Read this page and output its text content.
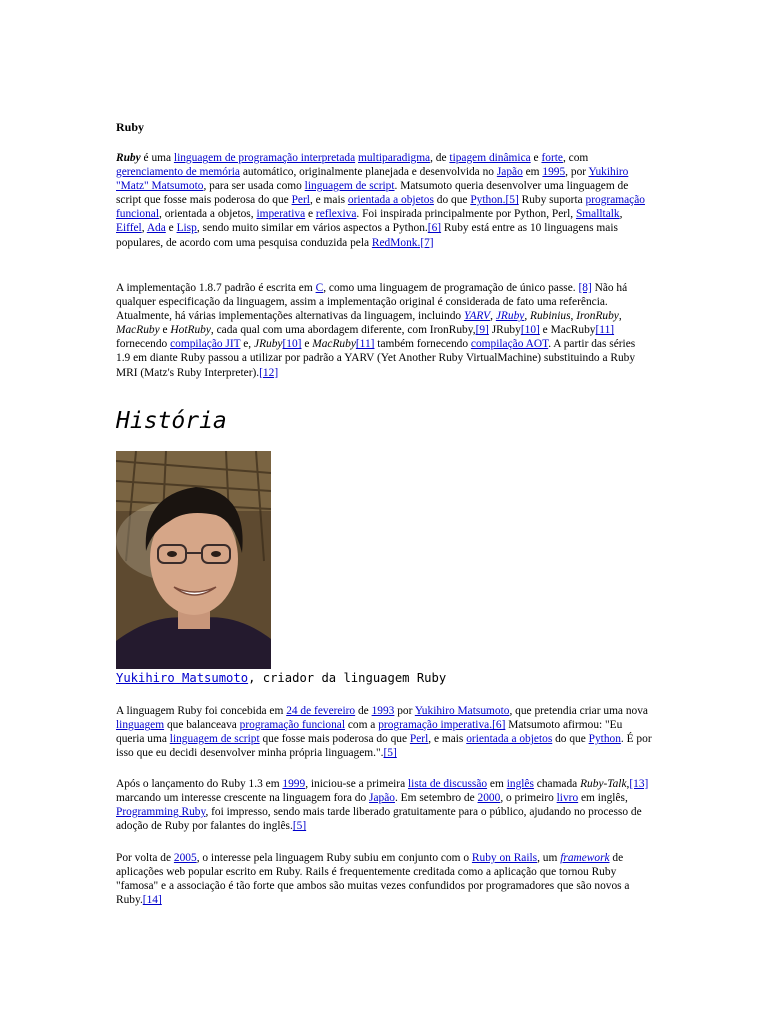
Ruby

Ruby é uma linguagem de programação interpretada multiparadigma, de tipagem dinâmica e forte, com gerenciamento de memória automático, originalmente planejada e desenvolvida no Japão em 1995, por Yukihiro "Matz" Matsumoto, para ser usada como linguagem de script. Matsumoto queria desenvolver uma linguagem de script que fosse mais poderosa do que Perl, e mais orientada a objetos do que Python.[5] Ruby suporta programação funcional, orientada a objetos, imperativa e reflexiva. Foi inspirada principalmente por Python, Perl, Smalltalk, Eiffel, Ada e Lisp, sendo muito similar em vários aspectos a Python.[6] Ruby está entre as 10 linguagens mais populares, de acordo com uma pesquisa conduzida pela RedMonk.[7]

A implementação 1.8.7 padrão é escrita em C, como uma linguagem de programação de único passe. [8] Não há qualquer especificação da linguagem, assim a implementação original é considerada de fato uma referência. Atualmente, há várias implementações alternativas da linguagem, incluindo YARV, JRuby, Rubinius, IronRuby, MacRuby e HotRuby, cada qual com uma abordagem diferente, com IronRuby,[9] JRuby[10] e MacRuby[11] fornecendo compilação JIT e, JRuby[10] e MacRuby[11] também fornecendo compilação AOT. A partir das séries 1.9 em diante Ruby passou a utilizar por padrão a YARV (Yet Another Ruby VirtualMachine) substituindo a Ruby MRI (Matz's Ruby Interpreter).[12]

História
Yukihiro Matsumoto, criador da linguagem Ruby

A linguagem Ruby foi concebida em 24 de fevereiro de 1993 por Yukihiro Matsumoto, que pretendia criar uma nova linguagem que balanceava programação funcional com a programação imperativa.[6] Matsumoto afirmou: "Eu queria uma linguagem de script que fosse mais poderosa do que Perl, e mais orientada a objetos do que Python. É por isso que eu decidi desenvolver minha própria linguagem.".[5]

Após o lançamento do Ruby 1.3 em 1999, iniciou-se a primeira lista de discussão em inglês chamada Ruby-Talk,[13] marcando um interesse crescente na linguagem fora do Japão. Em setembro de 2000, o primeiro livro em inglês, Programming Ruby, foi impresso, sendo mais tarde liberado gratuitamente para o público, ajudando no processo de adoção de Ruby por falantes do inglês.[5]

Por volta de 2005, o interesse pela linguagem Ruby subiu em conjunto com o Ruby on Rails, um framework de aplicações web popular escrito em Ruby. Rails é frequentemente creditada como a aplicação que tornou Ruby "famosa" e a associação é tão forte que ambos são muitas vezes confundidos por programadores que são novos a Ruby.[14]
